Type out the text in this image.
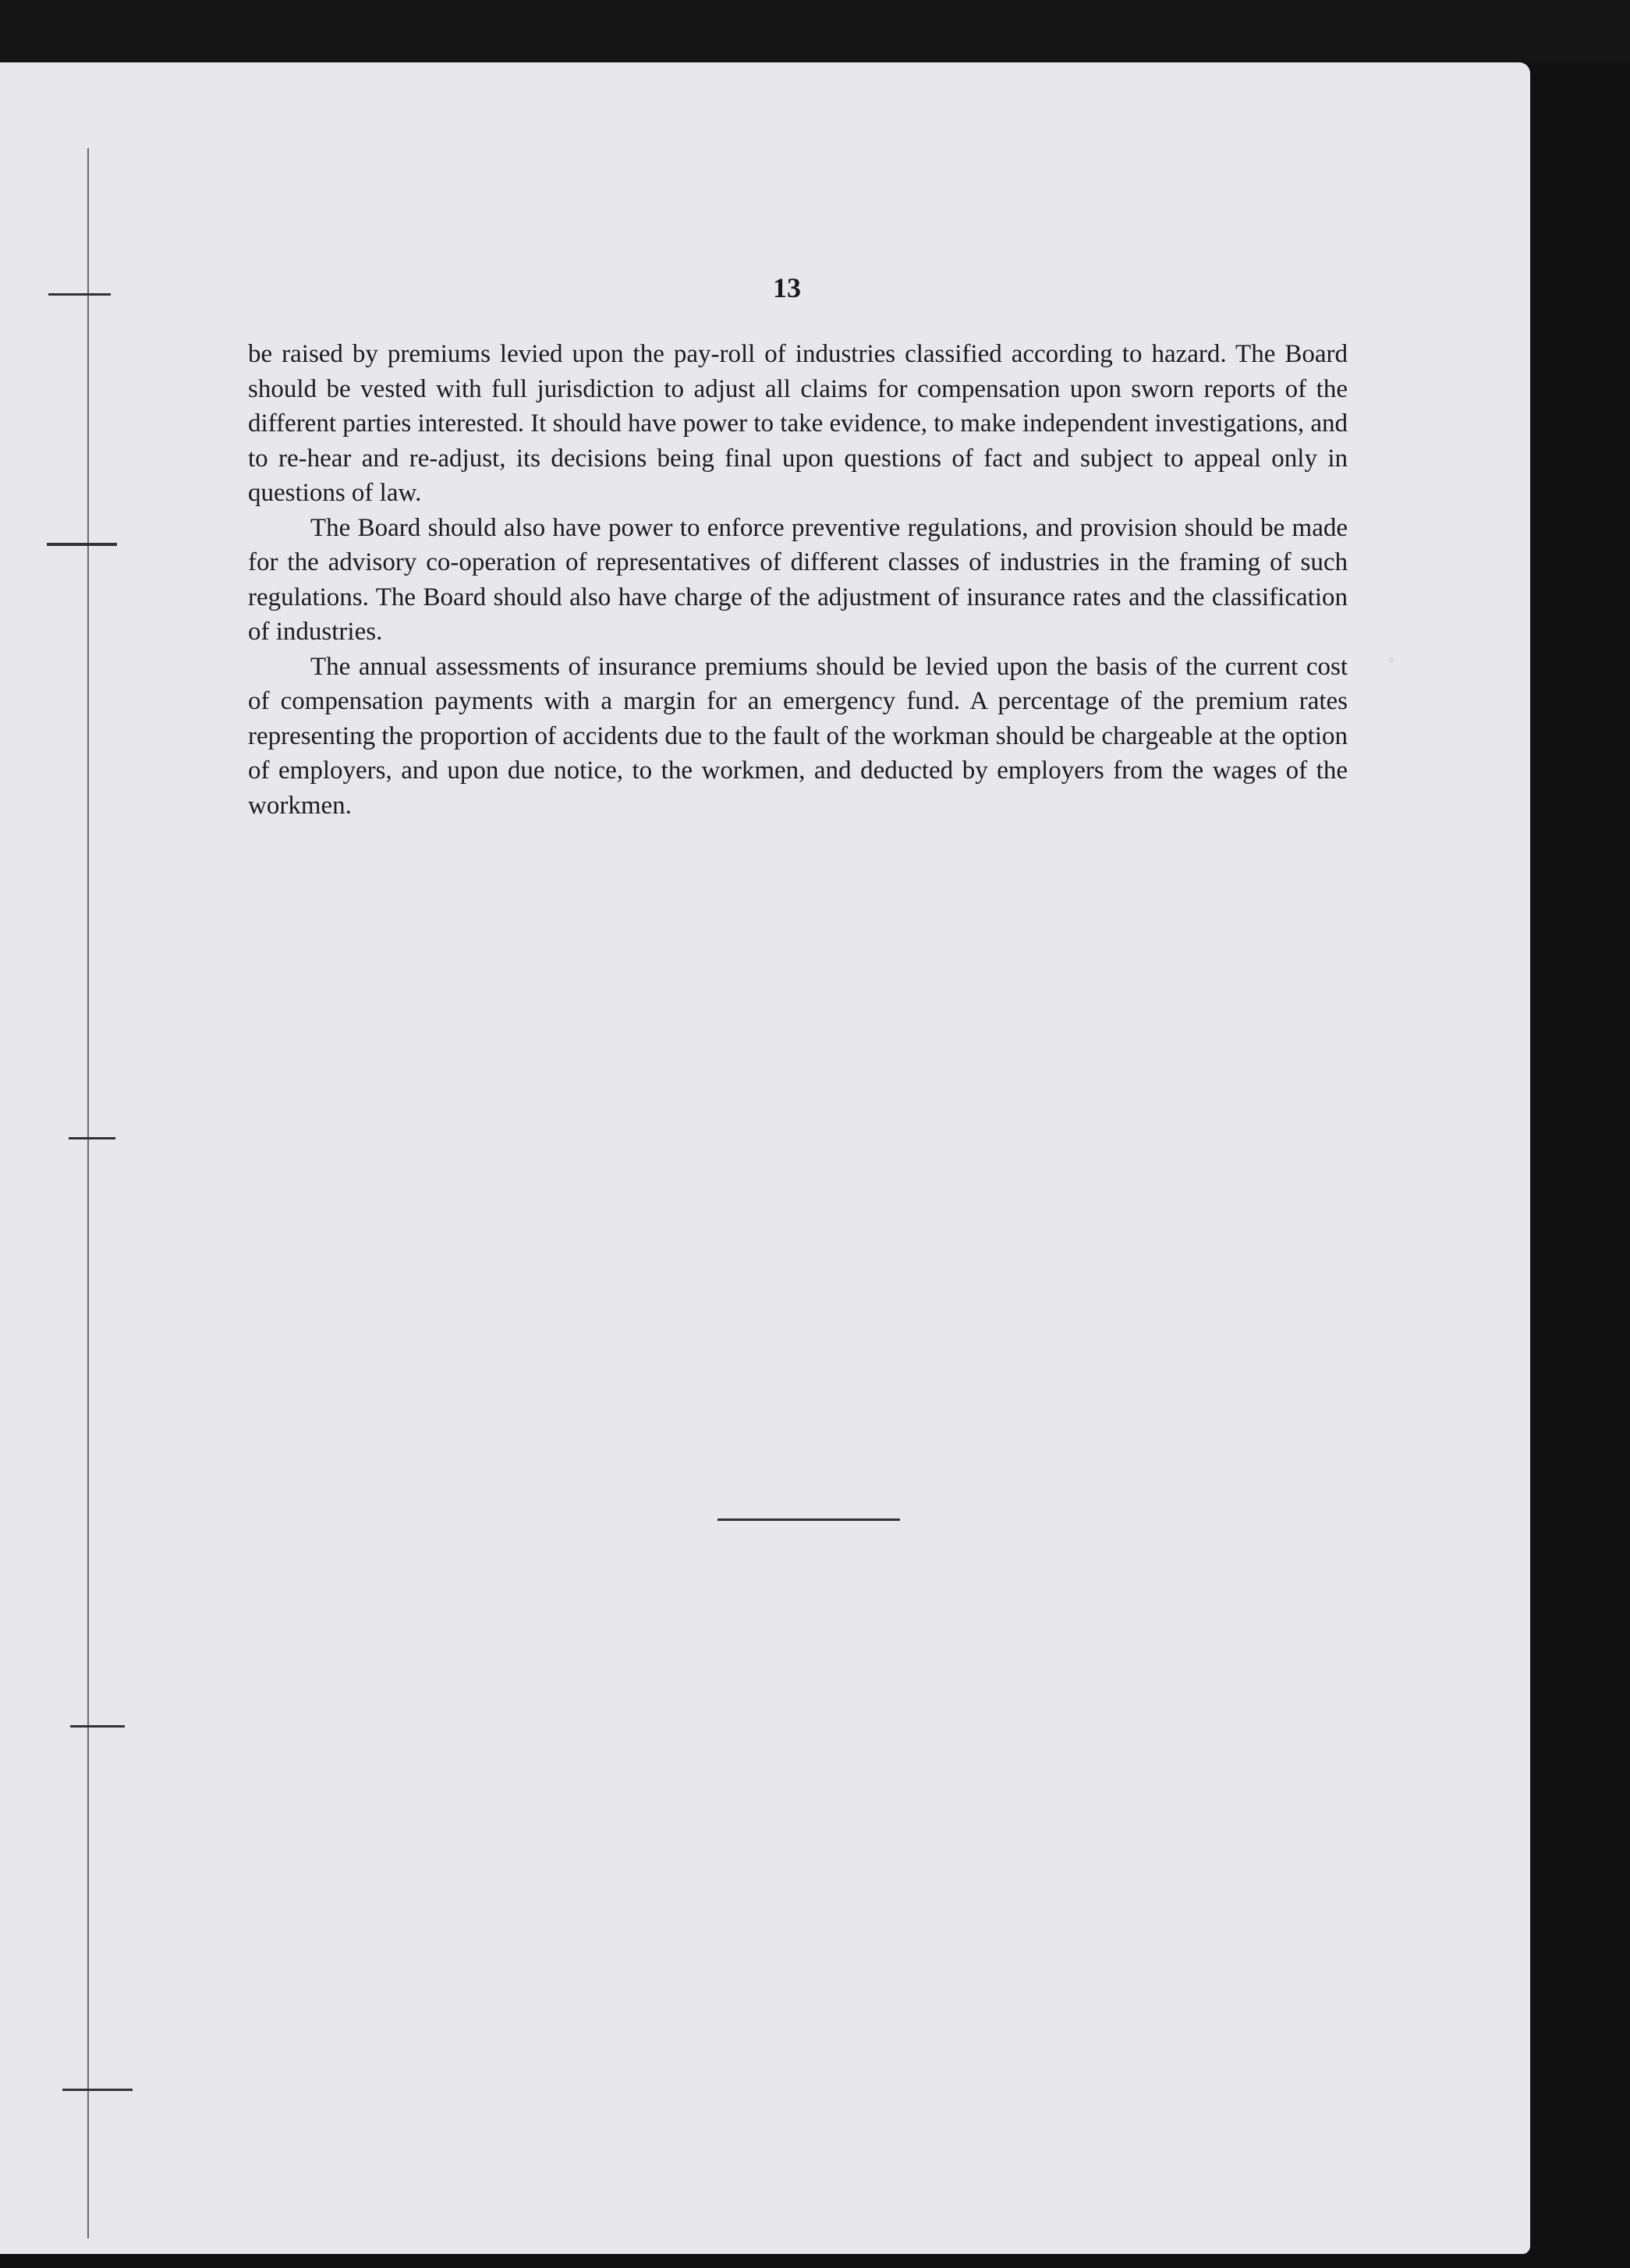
13

be raised by premiums levied upon the pay-roll of industries classified according to hazard. The Board should be vested with full jurisdiction to adjust all claims for compensation upon sworn reports of the different parties interested. It should have power to take evidence, to make independent investigations, and to re-hear and re-adjust, its decisions being final upon questions of fact and subject to appeal only in questions of law.

The Board should also have power to enforce preventive regulations, and provision should be made for the advisory co-operation of representatives of different classes of industries in the framing of such regulations. The Board should also have charge of the adjustment of insurance rates and the classification of industries.

The annual assessments of insurance premiums should be levied upon the basis of the current cost of compensation payments with a margin for an emergency fund. A percentage of the premium rates representing the proportion of accidents due to the fault of the workman should be chargeable at the option of employers, and upon due notice, to the workmen, and deducted by employers from the wages of the workmen.
